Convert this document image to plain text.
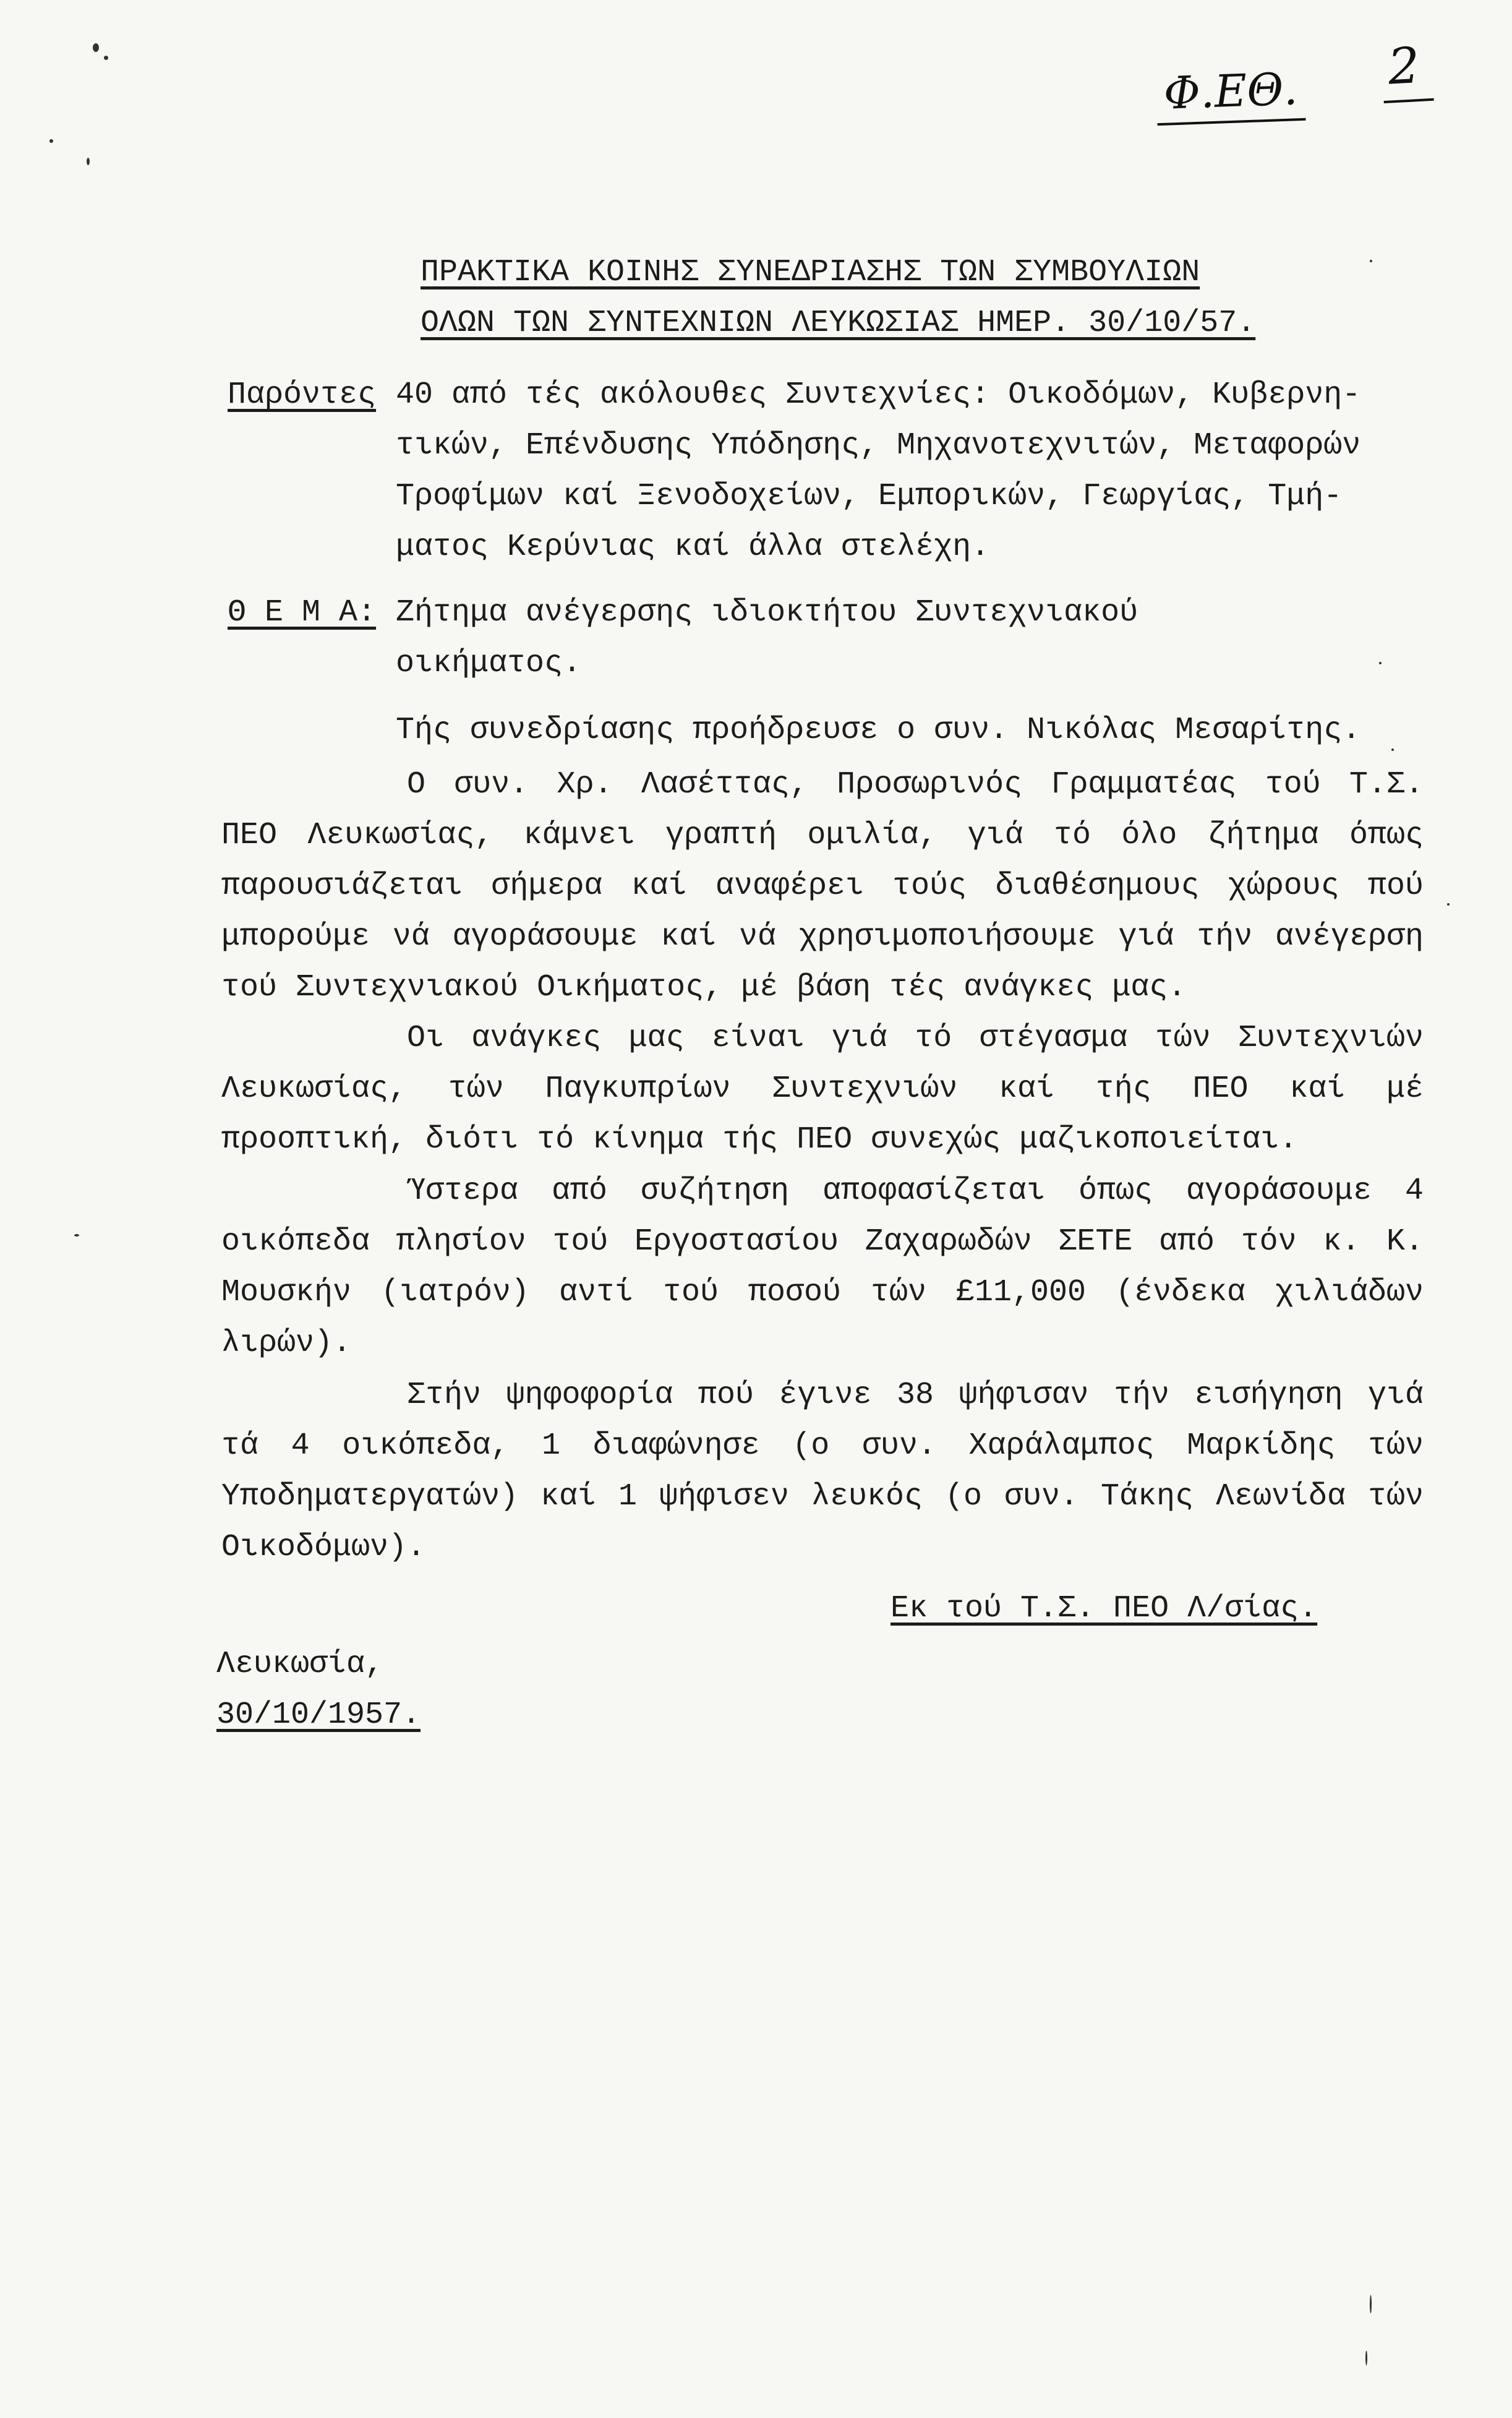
Φ.ΕΘ. 2
ΠΡΑΚΤΙΚΑ ΚΟΙΝΗΣ ΣΥΝΕΔΡΙΑΣΗΣ ΤΩΝ ΣΥΜΒΟΥΛΙΩΝ
ΟΛΩΝ ΤΩΝ ΣΥΝΤΕΧΝΙΩΝ ΛΕΥΚΩΣΙΑΣ ΗΜΕΡ. 30/10/57.
Παρόντες 40 από τές ακόλουθες Συντεχνίες: Οικοδόμων, Κυβερνη-
τικών, Επένδυσης Υπόδησης, Μηχανοτεχνιτών, Μεταφορών
Τροφίμων καί Ξενοδοχείων, Εμπορικών, Γεωργίας, Τμή-
ματος Κερύνιας καί άλλα στελέχη.
Θ Ε Μ Α: Ζήτημα ανέγερσης ιδιοκτήτου Συντεχνιακού
οικήματος.
Τής συνεδρίασης προήδρευσε ο συν. Νικόλας Μεσαρίτης.
Ο συν. Χρ. Λασέττας, Προσωρινός Γραμματέας τού Τ.Σ. ΠΕΟ Λευκωσίας, κάμνει γραπτή ομιλία, γιά τό όλο ζήτημα όπως παρουσιάζεται σήμερα καί αναφέρει τούς διαθέσημους χώρους πού μπορούμε νά αγοράσουμε καί νά χρησιμοποιήσουμε γιά τήν ανέγερση τού Συντεχνιακού Οικήματος, μέ βάση τές ανάγκες μας.
Οι ανάγκες μας είναι γιά τό στέγασμα τών Συντεχνιών Λευκωσίας, τών Παγκυπρίων Συντεχνιών καί τής ΠΕΟ καί μέ προοπτική, διότι τό κίνημα τής ΠΕΟ συνεχώς μαζικοποιείται.
Ύστερα από συζήτηση αποφασίζεται όπως αγοράσουμε 4 οικόπεδα πλησίον τού Εργοστασίου Ζαχαρωδών ΣΕΤΕ από τόν κ. Κ. Μουσκήν (ιατρόν) αντί τού ποσού τών £11,000 (ένδεκα χιλιάδων λιρών).
Στήν ψηφοφορία πού έγινε 38 ψήφισαν τήν εισήγηση γιά τά 4 οικόπεδα, 1 διαφώνησε (ο συν. Χαράλαμπος Μαρκίδης τών Υποδηματεργατών) καί 1 ψήφισεν λευκός (ο συν. Τάκης Λεωνίδα τών Οικοδόμων).
Εκ τού Τ.Σ. ΠΕΟ Λ/σίας.
Λευκωσία,
30/10/1957.
